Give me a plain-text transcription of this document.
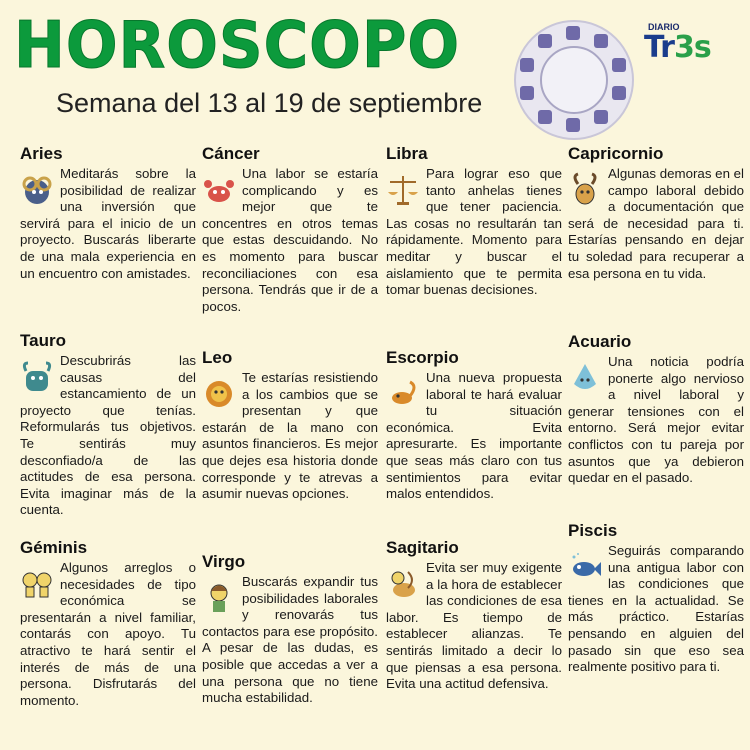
HOROSCOPO
Semana del 13 al 19 de septiembre
DIARIO
Tr3s
Aries

Meditarás sobre la posibilidad de realizar una inversión que servirá para el inicio de un proyecto. Buscarás liberarte de una mala experiencia en un encuentro con amistades.

Tauro

Descubrirás las causas del estancamiento de un proyecto que tenías. Reformularás tus objetivos. Te sentirás muy desconfiado/a de las actitudes de esa persona. Evita imaginar más de la cuenta.

Géminis

Algunos arreglos o necesidades de tipo económica se presentarán a nivel familiar, contarás con apoyo. Tu atractivo te hará sentir el interés de más de una persona. Disfrutarás del momento.

Cáncer

Una labor se estaría complicando y es mejor que te concentres en otros temas que estas descuidando. No es momento para buscar reconciliaciones con esa persona. Tendrás que ir de a pocos.

Leo

Te estarías resistiendo a los cambios que se presentan y que estarán de la mano con asuntos financieros. Es mejor que dejes esa historia donde corresponde y te atrevas a asumir nuevas opciones.

Virgo

Buscarás expandir tus posibilidades laborales y renovarás tus contactos para ese propósito. A pesar de las dudas, es posible que accedas a ver a una persona que no tiene mucha estabilidad.

Libra

Para lograr eso que tanto anhelas tienes que tener paciencia. Las cosas no resultarán tan rápidamente. Momento para meditar y buscar el aislamiento que te permita tomar buenas decisiones.

Escorpio

Una nueva propuesta laboral te hará evaluar tu situación económica. Evita apresurarte. Es importante que seas más claro con tus sentimientos para evitar malos entendidos.

Sagitario

Evita ser muy exigente a la hora de establecer las condiciones de esa labor. Es tiempo de establecer alianzas. Te sentirás limitado a decir lo que piensas a esa persona. Evita una actitud defensiva.

Capricornio

Algunas demoras en el campo laboral debido a documentación que será de necesidad para ti. Estarías pensando en dejar tu soledad para recuperar a esa persona en tu vida.

Acuario

Una noticia podría ponerte algo nervioso a nivel laboral y generar tensiones con el entorno. Será mejor evitar conflictos con tu pareja por asuntos que ya debieron quedar en el pasado.

Piscis

Seguirás comparando una antigua labor con las condiciones que tienes en la actualidad. Se más práctico. Estarías pensando en alguien del pasado sin que eso sea realmente positivo para ti.
